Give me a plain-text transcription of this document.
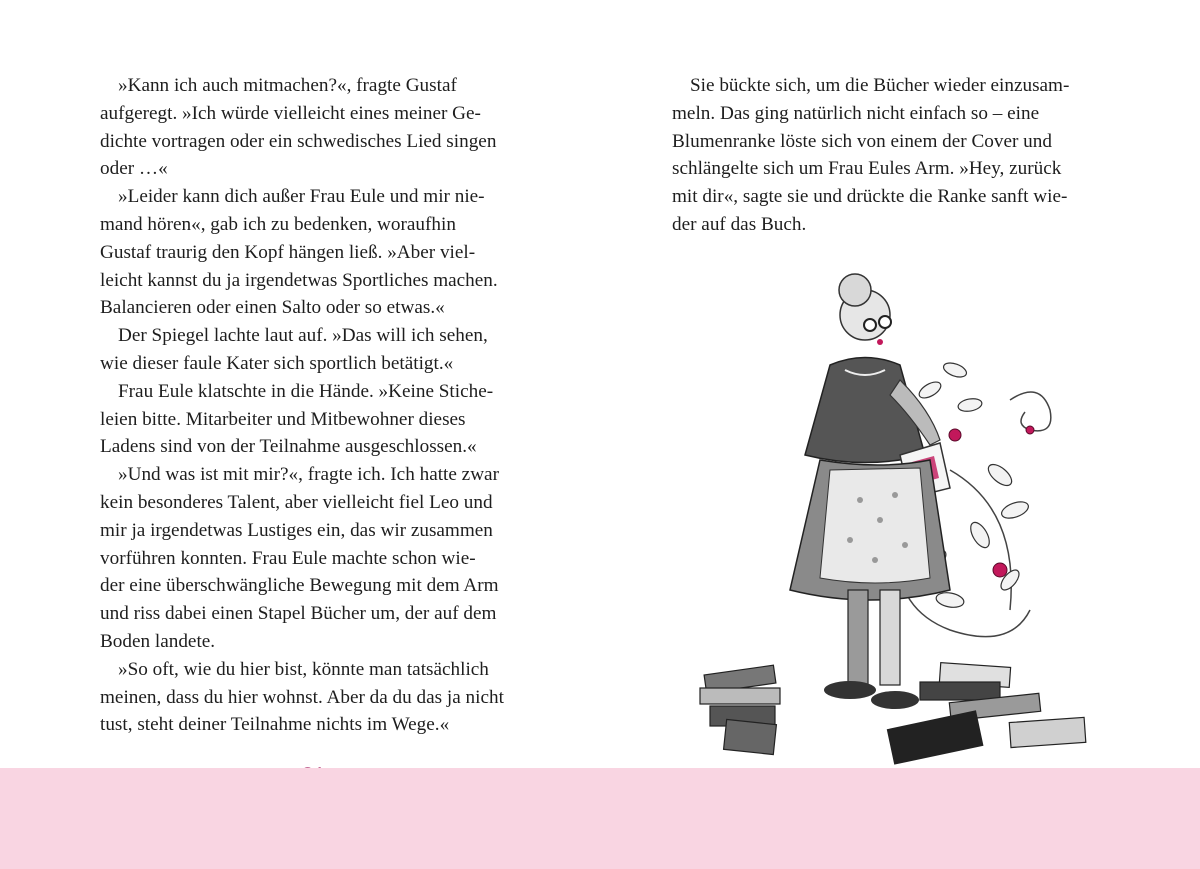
»Kann ich auch mitmachen?«, fragte Gustaf
aufgeregt. »Ich würde vielleicht eines meiner Ge-
dichte vortragen oder ein schwedisches Lied singen
oder …«

»Leider kann dich außer Frau Eule und mir nie-
mand hören«, gab ich zu bedenken, woraufhin
Gustaf traurig den Kopf hängen ließ. »Aber viel-
leicht kannst du ja irgendetwas Sportliches machen.
Balancieren oder einen Salto oder so etwas.«

Der Spiegel lachte laut auf. »Das will ich sehen,
wie dieser faule Kater sich sportlich betätigt.«

Frau Eule klatschte in die Hände. »Keine Stiche-
leien bitte. Mitarbeiter und Mitbewohner dieses
Ladens sind von der Teilnahme ausgeschlossen.«

»Und was ist mit mir?«, fragte ich. Ich hatte zwar
kein besonderes Talent, aber vielleicht fiel Leo und
mir ja irgendetwas Lustiges ein, das wir zusammen
vorführen konnten. Frau Eule machte schon wie-
der eine überschwängliche Bewegung mit dem Arm
und riss dabei einen Stapel Bücher um, der auf dem
Boden landete.

»So oft, wie du hier bist, könnte man tatsächlich
meinen, dass du hier wohnst. Aber da du das ja nicht
tust, steht deiner Teilnahme nichts im Wege.«

Sie bückte sich, um die Bücher wieder einzusam-
meln. Das ging natürlich nicht einfach so – eine
Blumenranke löste sich von einem der Cover und
schlängelte sich um Frau Eules Arm. »Hey, zurück
mit dir«, sagte sie und drückte die Ranke sanft wie-
der auf das Buch.
